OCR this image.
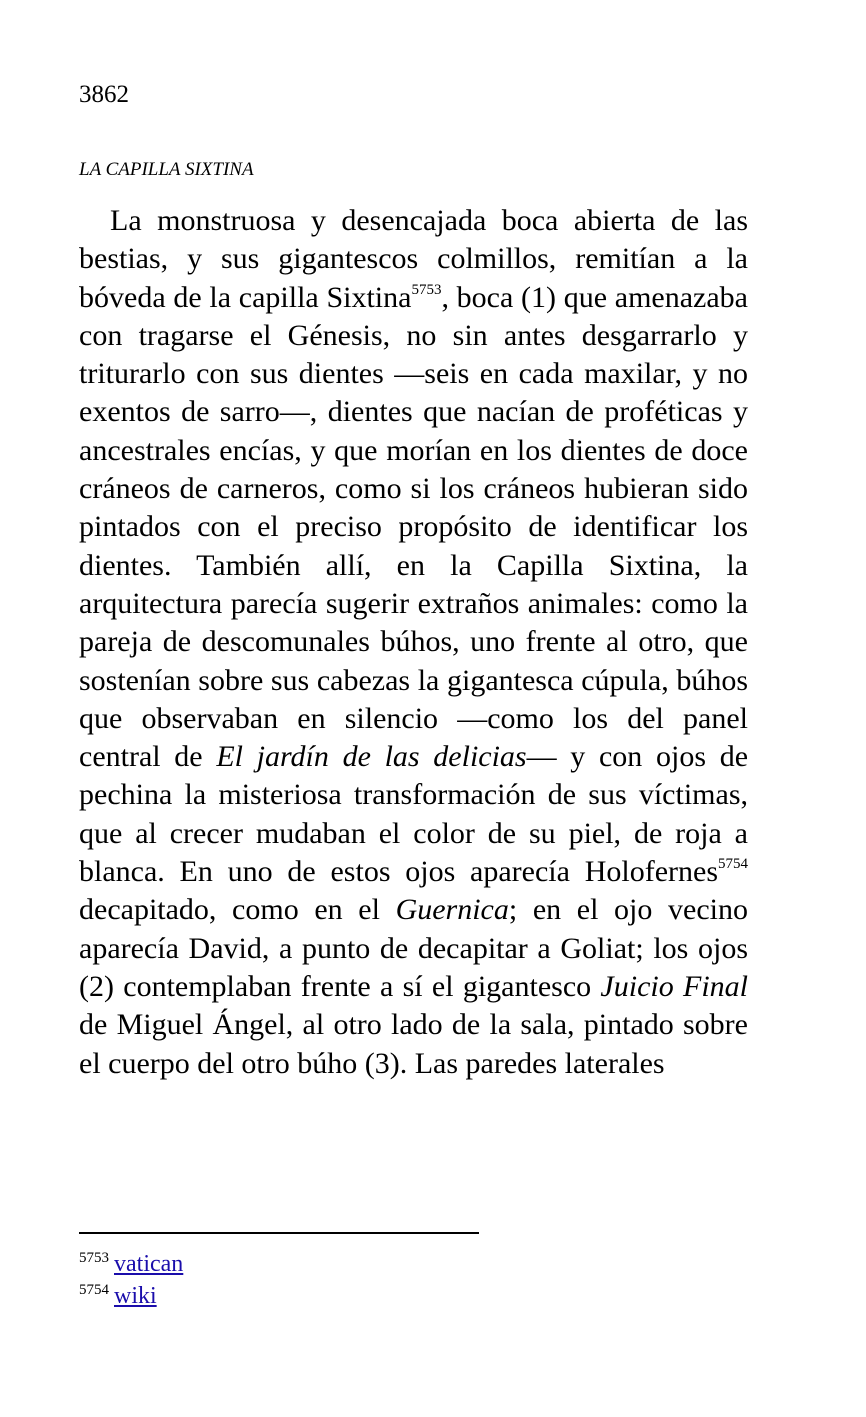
3862
LA CAPILLA SIXTINA

La monstruosa y desencajada boca abierta de las bestias, y sus gigantescos colmillos, remitían a la bóveda de la capilla Sixtina$^{5753}$, boca (1) que amenazaba con tragarse el Génesis, no sin antes desgarrarlo y triturarlo con sus dientes —seis en cada maxilar, y no exentos de sarro—, dientes que nacían de proféticas y ancestrales encías, y que morían en los dientes de doce cráneos de carneros, como si los cráneos hubieran sido pintados con el preciso propósito de identificar los dientes. También allí, en la Capilla Sixtina, la arquitectura parecía sugerir extraños animales: como la pareja de descomunales búhos, uno frente al otro, que sostenían sobre sus cabezas la gigantesca cúpula, búhos que observaban en silencio —como los del panel central de El jardín de las delicias— y con ojos de pechina la misteriosa transformación de sus víctimas, que al crecer mudaban el color de su piel, de roja a blanca. En uno de estos ojos aparecía Holofernes$^{5754}$ decapitado, como en el Guernica; en el ojo vecino aparecía David, a punto de decapitar a Goliat; los ojos (2) contemplaban frente a sí el gigantesco Juicio Final de Miguel Ángel, al otro lado de la sala, pintado sobre el cuerpo del otro búho (3). Las paredes laterales

$^{5753}$ vatican
$^{5754}$ wiki
